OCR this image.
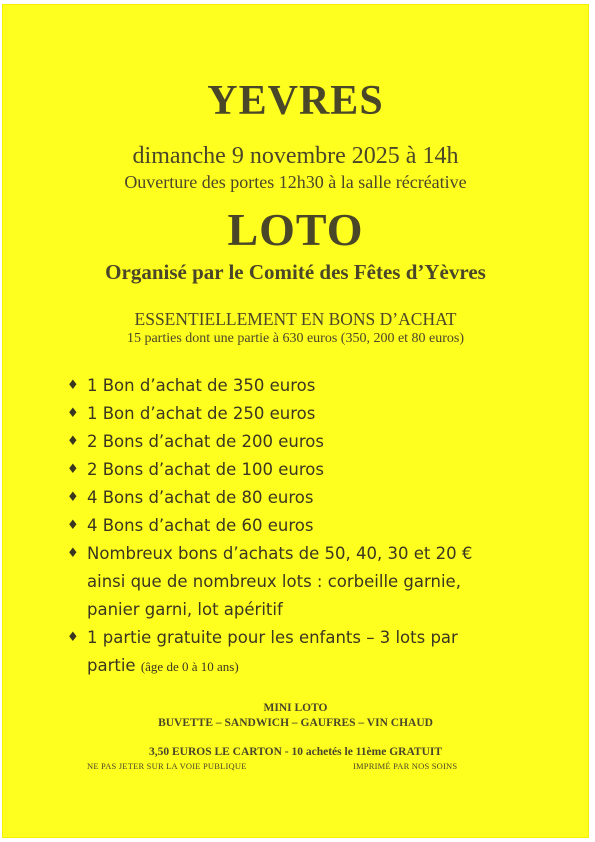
YEVRES
dimanche 9 novembre 2025 à 14h
Ouverture des portes 12h30 à la salle récréative
LOTO
Organisé par le Comité des Fêtes d’Yèvres
ESSENTIELLEMENT EN BONS D’ACHAT
15 parties dont une partie à 630 euros (350, 200 et 80 euros)
♦ 1 Bon d’achat de 350 euros
♦ 1 Bon d’achat de 250 euros
♦ 2 Bons d’achat de 200 euros
♦ 2 Bons d’achat de 100 euros
♦ 4 Bons d’achat de 80 euros
♦ 4 Bons d’achat de 60 euros
♦ Nombreux bons d’achats de 50, 40, 30 et 20 €
ainsi que de nombreux lots : corbeille garnie,
panier garni, lot apéritif
♦ 1 partie gratuite pour les enfants – 3 lots par
partie (âge de 0 à 10 ans)
MINI LOTO
BUVETTE – SANDWICH – GAUFRES – VIN CHAUD
3,50 EUROS LE CARTON - 10 achetés le 11ème GRATUIT
NE PAS JETER SUR LA VOIE PUBLIQUE	IMPRIMÉ PAR NOS SOINS
